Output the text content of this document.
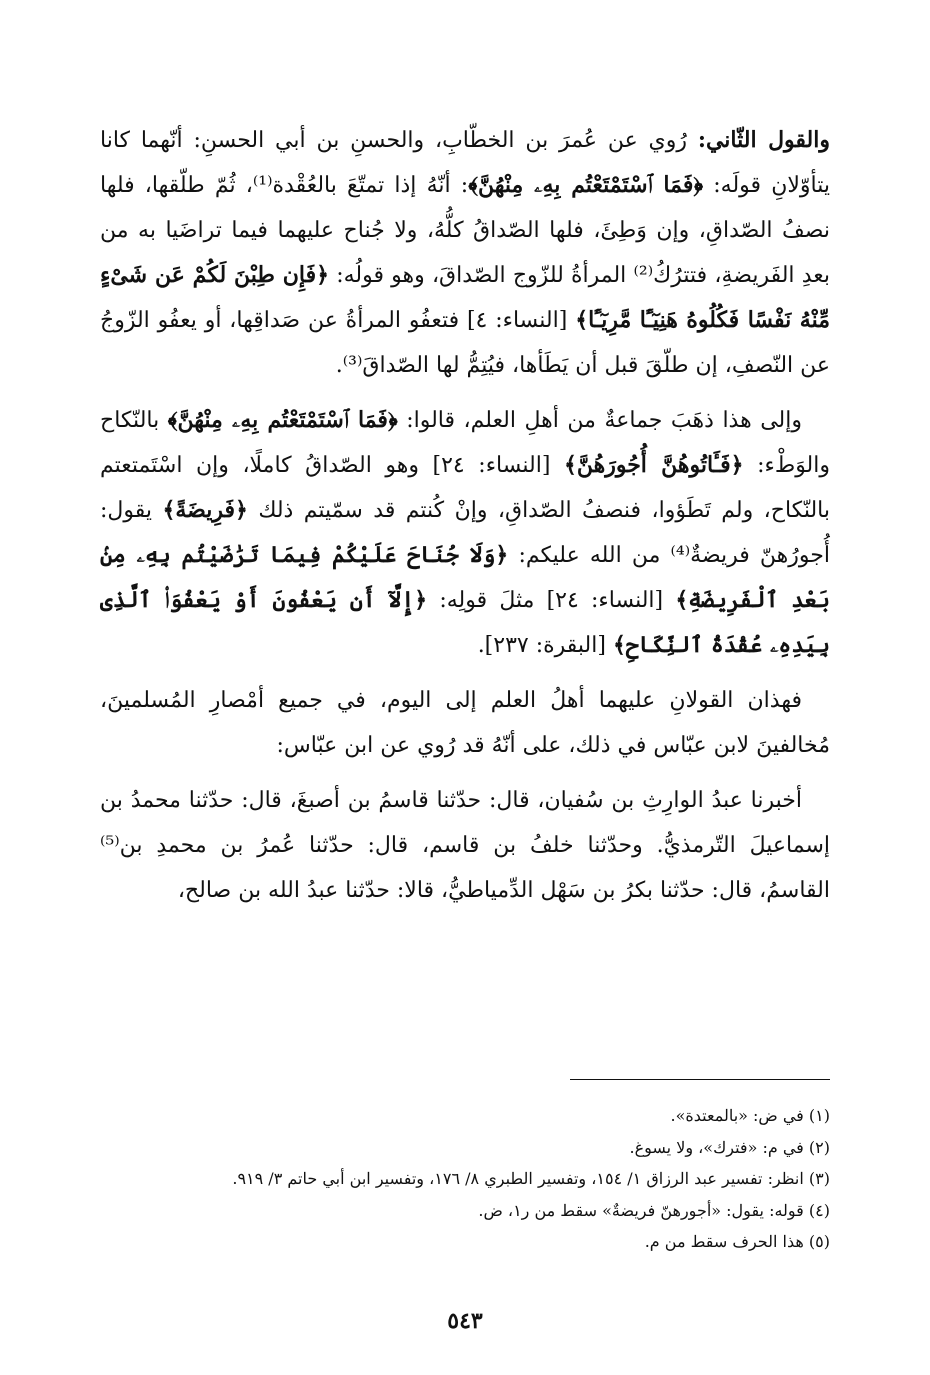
والقول الثّاني: رُوي عن عُمرَ بن الخطّابِ، والحسنِ بن أبي الحسنِ: أنّهما كانا يتأوّلانِ قولَه: ﴿فَمَا ٱسْتَمْتَعْتُم بِهِۦ مِنْهُنَّ﴾: أنّهُ إذا تمتّعَ بالعُقْدة⁽¹⁾، ثُمّ طلّقها، فلها نصفُ الصّداقِ، وإن وَطِئَ، فلها الصّداقُ كلُّهُ، ولا جُناح عليهما فيما تراضَيا به من بعدِ الفَريضةِ، فتترُكُ⁽²⁾ المرأةُ للزّوج الصّداقَ، وهو قولُه: ﴿فَإِن طِبْنَ لَكُمْ عَن شَىْءٍ مِّنْهُ نَفْسًا فَكُلُوهُ هَنِيٓـًٔا مَّرِيٓـًٔا﴾ [النساء: ٤] فتعفُو المرأةُ عن صَداقِها، أو يعفُو الزّوجُ عن النّصفِ، إن طلّقَ قبل أن يَطَأها، فيُتِمُّ لها الصّداقَ⁽³⁾.

وإلى هذا ذهَبَ جماعةٌ من أهلِ العلم، قالوا: ﴿فَمَا ٱسْتَمْتَعْتُم بِهِۦ مِنْهُنَّ﴾ بالنّكاح والوَطْء: ﴿فَـَٔاتُوهُنَّ أُجُورَهُنَّ﴾ [النساء: ٢٤] وهو الصّداقُ كاملًا، وإن اسْتَمتعتم بالنّكاح، ولم تَطَؤوا، فنصفُ الصّداقِ، وإنْ كُنتم قد سمّيتم ذلك ﴿فَرِيضَةً﴾ يقول: أُجورُهنّ فريضةٌ⁽⁴⁾ من الله عليكم: ﴿وَلَا جُنَاحَ عَلَيْكُمْ فِيمَا تَرَٰضَيْتُم بِهِۦ مِنۢ بَعْدِ ٱلْفَرِيضَةِ﴾ [النساء: ٢٤] مثلَ قولِه: ﴿إِلَّآ أَن يَعْفُونَ أَوْ يَعْفُوَا۟ ٱلَّذِى بِيَدِهِۦ عُقْدَةُ ٱلنِّكَاحِ﴾ [البقرة: ٢٣٧].

فهذان القولانِ عليهما أهلُ العلم إلى اليوم، في جميع أمْصارِ المُسلمينَ، مُخالفينَ لابن عبّاس في ذلك، على أنّهُ قد رُوي عن ابن عبّاس:

أخبرنا عبدُ الوارِثِ بن سُفيان، قال: حدّثنا قاسمُ بن أصبغَ، قال: حدّثنا محمدُ بن إسماعيلَ التّرمذيُّ. وحدّثنا خلفُ بن قاسم، قال: حدّثنا عُمرُ بن محمدِ بن⁽⁵⁾ القاسمُ، قال: حدّثنا بكرُ بن سَهْل الدِّمياطيُّ، قالا: حدّثنا عبدُ الله بن صالح،

(١) في ض: «بالمعتدة».
(٢) في م: «فترك»، ولا يسوغ.
(٣) انظر: تفسير عبد الرزاق ١/ ١٥٤، وتفسير الطبري ٨/ ١٧٦، وتفسير ابن أبي حاتم ٣/ ٩١٩.
(٤) قوله: يقول: «أجورهنّ فريضةٌ» سقط من ر١، ض.
(٥) هذا الحرف سقط من م.
٥٤٣
